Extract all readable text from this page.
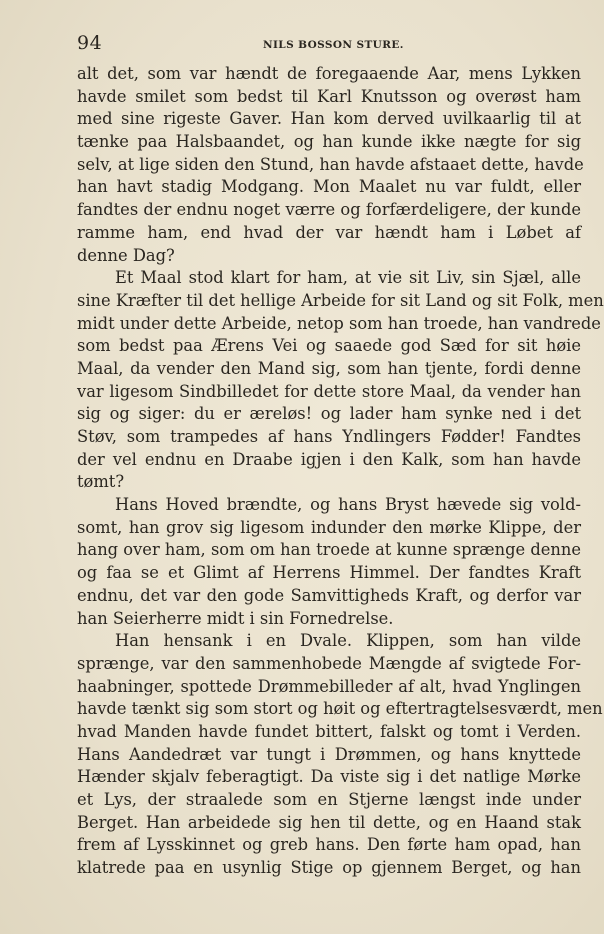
94	NILS BOSSON STURE.
alt det, som var hændt de foregaaende Aar, mens Lykken
havde smilet som bedst til Karl Knutsson og overøst ham
med sine rigeste Gaver. Han kom derved uvilkaarlig til at
tænke paa Halsbaandet, og han kunde ikke nægte for sig
selv, at lige siden den Stund, han havde afstaaet dette, havde
han havt stadig Modgang. Mon Maalet nu var fuldt, eller
fandtes der endnu noget værre og forfærdeligere, der kunde
ramme ham, end hvad der var hændt ham i Løbet af
denne Dag?
Et Maal stod klart for ham, at vie sit Liv, sin Sjæl, alle
sine Kræfter til det hellige Arbeide for sit Land og sit Folk, men
midt under dette Arbeide, netop som han troede, han vandrede
som bedst paa Ærens Vei og saaede god Sæd for sit høie
Maal, da vender den Mand sig, som han tjente, fordi denne
var ligesom Sindbilledet for dette store Maal, da vender han
sig og siger: du er æreløs! og lader ham synke ned i det
Støv, som trampedes af hans Yndlingers Fødder! Fandtes
der vel endnu en Draabe igjen i den Kalk, som han havde
tømt?
Hans Hoved brændte, og hans Bryst hævede sig vold-
somt, han grov sig ligesom indunder den mørke Klippe, der
hang over ham, som om han troede at kunne sprænge denne
og faa se et Glimt af Herrens Himmel. Der fandtes Kraft
endnu, det var den gode Samvittigheds Kraft, og derfor var
han Seierherre midt i sin Fornedrelse.
Han hensank i en Dvale. Klippen, som han vilde
sprænge, var den sammenhobede Mængde af svigtede For-
haabninger, spottede Drømmebilleder af alt, hvad Ynglingen
havde tænkt sig som stort og høit og eftertragtelsesværdt, men
hvad Manden havde fundet bittert, falskt og tomt i Verden.
Hans Aandedræt var tungt i Drømmen, og hans knyttede
Hænder skjalv feberagtigt. Da viste sig i det natlige Mørke
et Lys, der straalede som en Stjerne længst inde under
Berget. Han arbeidede sig hen til dette, og en Haand stak
frem af Lysskinnet og greb hans. Den førte ham opad, han
klatrede paa en usynlig Stige op gjennem Berget, og han
